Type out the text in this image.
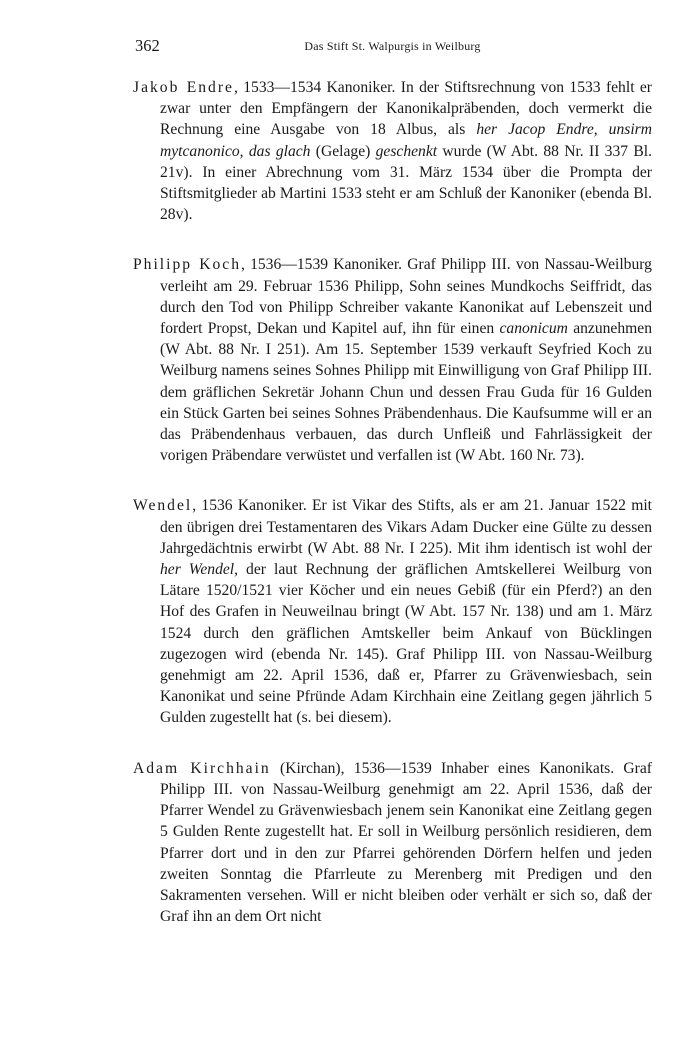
362	Das Stift St. Walpurgis in Weilburg

Jakob Endre, 1533—1534 Kanoniker. In der Stiftsrechnung von 1533 fehlt er zwar unter den Empfängern der Kanonikalpräbenden, doch vermerkt die Rechnung eine Ausgabe von 18 Albus, als her Jacop Endre, unsirm mytcanonico, das glach (Gelage) geschenkt wurde (W Abt. 88 Nr. II 337 Bl. 21v). In einer Abrechnung vom 31. März 1534 über die Prompta der Stiftsmitglieder ab Martini 1533 steht er am Schluß der Kanoniker (ebenda Bl. 28v).

Philipp Koch, 1536—1539 Kanoniker. Graf Philipp III. von Nassau-Weilburg verleiht am 29. Februar 1536 Philipp, Sohn seines Mundkochs Seiffridt, das durch den Tod von Philipp Schreiber vakante Kanonikat auf Lebenszeit und fordert Propst, Dekan und Kapitel auf, ihn für einen canonicum anzunehmen (W Abt. 88 Nr. I 251). Am 15. September 1539 verkauft Seyfried Koch zu Weilburg namens seines Sohnes Philipp mit Einwilligung von Graf Philipp III. dem gräflichen Sekretär Johann Chun und dessen Frau Guda für 16 Gulden ein Stück Garten bei seines Sohnes Präbendenhaus. Die Kaufsumme will er an das Präbendenhaus verbauen, das durch Unfleiß und Fahrlässigkeit der vorigen Präbendare verwüstet und verfallen ist (W Abt. 160 Nr. 73).

Wendel, 1536 Kanoniker. Er ist Vikar des Stifts, als er am 21. Januar 1522 mit den übrigen drei Testamentaren des Vikars Adam Ducker eine Gülte zu dessen Jahrgedächtnis erwirbt (W Abt. 88 Nr. I 225). Mit ihm identisch ist wohl der her Wendel, der laut Rechnung der gräflichen Amtskellerei Weilburg von Lätare 1520/1521 vier Köcher und ein neues Gebiß (für ein Pferd?) an den Hof des Grafen in Neuweilnau bringt (W Abt. 157 Nr. 138) und am 1. März 1524 durch den gräflichen Amtskeller beim Ankauf von Bücklingen zugezogen wird (ebenda Nr. 145). Graf Philipp III. von Nassau-Weilburg genehmigt am 22. April 1536, daß er, Pfarrer zu Grävenwiesbach, sein Kanonikat und seine Pfründe Adam Kirchhain eine Zeitlang gegen jährlich 5 Gulden zugestellt hat (s. bei diesem).

Adam Kirchhain (Kirchan), 1536—1539 Inhaber eines Kanonikats. Graf Philipp III. von Nassau-Weilburg genehmigt am 22. April 1536, daß der Pfarrer Wendel zu Grävenwiesbach jenem sein Kanonikat eine Zeitlang gegen 5 Gulden Rente zugestellt hat. Er soll in Weilburg persönlich residieren, dem Pfarrer dort und in den zur Pfarrei gehörenden Dörfern helfen und jeden zweiten Sonntag die Pfarrleute zu Merenberg mit Predigen und den Sakramenten versehen. Will er nicht bleiben oder verhält er sich so, daß der Graf ihn an dem Ort nicht
